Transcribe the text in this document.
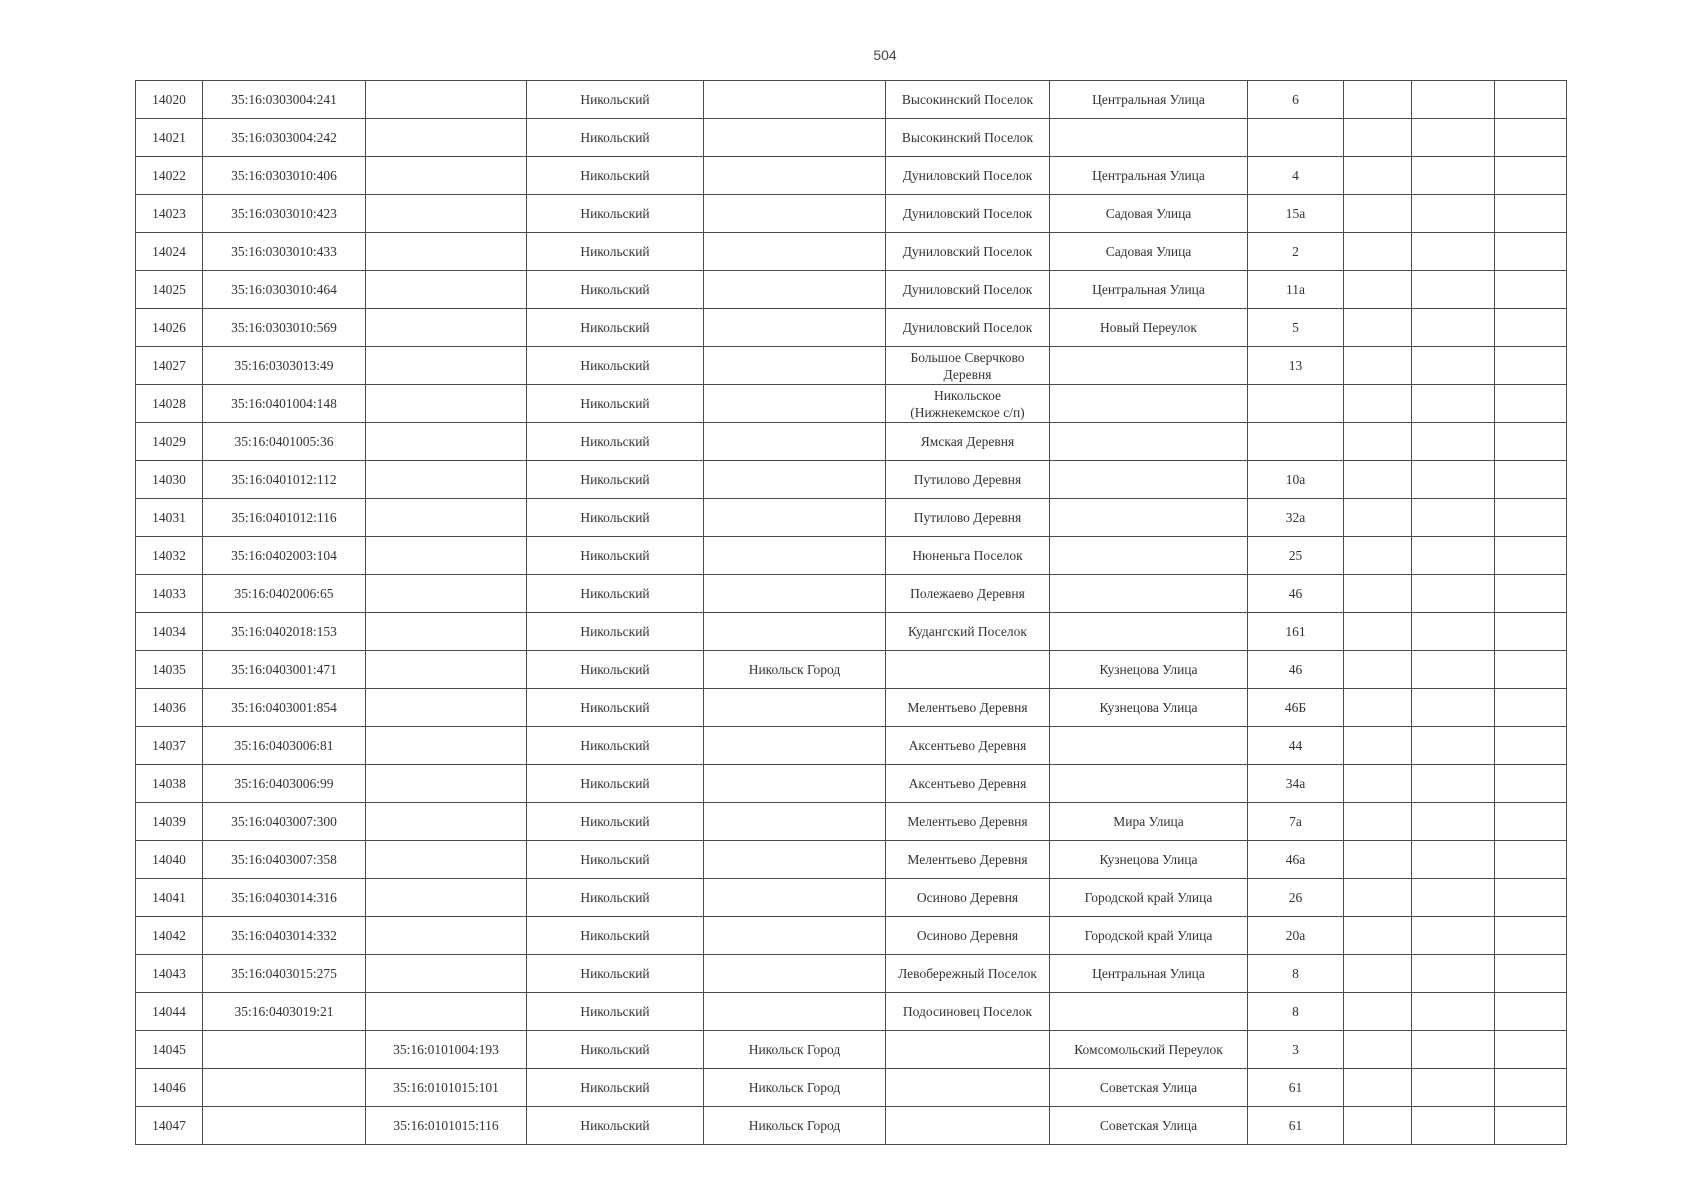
504
14020	35:16:0303004:241		Никольский		Высокинский Поселок	Центральная Улица	6			
14021	35:16:0303004:242		Никольский		Высокинский Поселок					
14022	35:16:0303010:406		Никольский		Дуниловский Поселок	Центральная Улица	4			
14023	35:16:0303010:423		Никольский		Дуниловский Поселок	Садовая Улица	15а			
14024	35:16:0303010:433		Никольский		Дуниловский Поселок	Садовая Улица	2			
14025	35:16:0303010:464		Никольский		Дуниловский Поселок	Центральная Улица	11а			
14026	35:16:0303010:569		Никольский		Дуниловский Поселок	Новый Переулок	5			
14027	35:16:0303013:49		Никольский		Большое Сверчково Деревня		13			
14028	35:16:0401004:148		Никольский		Никольское (Нижнекемское с/п)					
14029	35:16:0401005:36		Никольский		Ямская Деревня					
14030	35:16:0401012:112		Никольский		Путилово Деревня		10а			
14031	35:16:0401012:116		Никольский		Путилово Деревня		32а			
14032	35:16:0402003:104		Никольский		Нюненьга Поселок		25			
14033	35:16:0402006:65		Никольский		Полежаево Деревня		46			
14034	35:16:0402018:153		Никольский		Кудангский Поселок		161			
14035	35:16:0403001:471		Никольский	Никольск Город		Кузнецова Улица	46			
14036	35:16:0403001:854		Никольский		Мелентьево Деревня	Кузнецова Улица	46Б			
14037	35:16:0403006:81		Никольский		Аксентьево Деревня		44			
14038	35:16:0403006:99		Никольский		Аксентьево Деревня		34а			
14039	35:16:0403007:300		Никольский		Мелентьево Деревня	Мира Улица	7а			
14040	35:16:0403007:358		Никольский		Мелентьево Деревня	Кузнецова Улица	46а			
14041	35:16:0403014:316		Никольский		Осиново Деревня	Городской край Улица	26			
14042	35:16:0403014:332		Никольский		Осиново Деревня	Городской край Улица	20а			
14043	35:16:0403015:275		Никольский		Левобережный Поселок	Центральная Улица	8			
14044	35:16:0403019:21		Никольский		Подосиновец Поселок		8			
14045		35:16:0101004:193	Никольский	Никольск Город		Комсомольский Переулок	3			
14046		35:16:0101015:101	Никольский	Никольск Город		Советская Улица	61			
14047		35:16:0101015:116	Никольский	Никольск Город		Советская Улица	61			
